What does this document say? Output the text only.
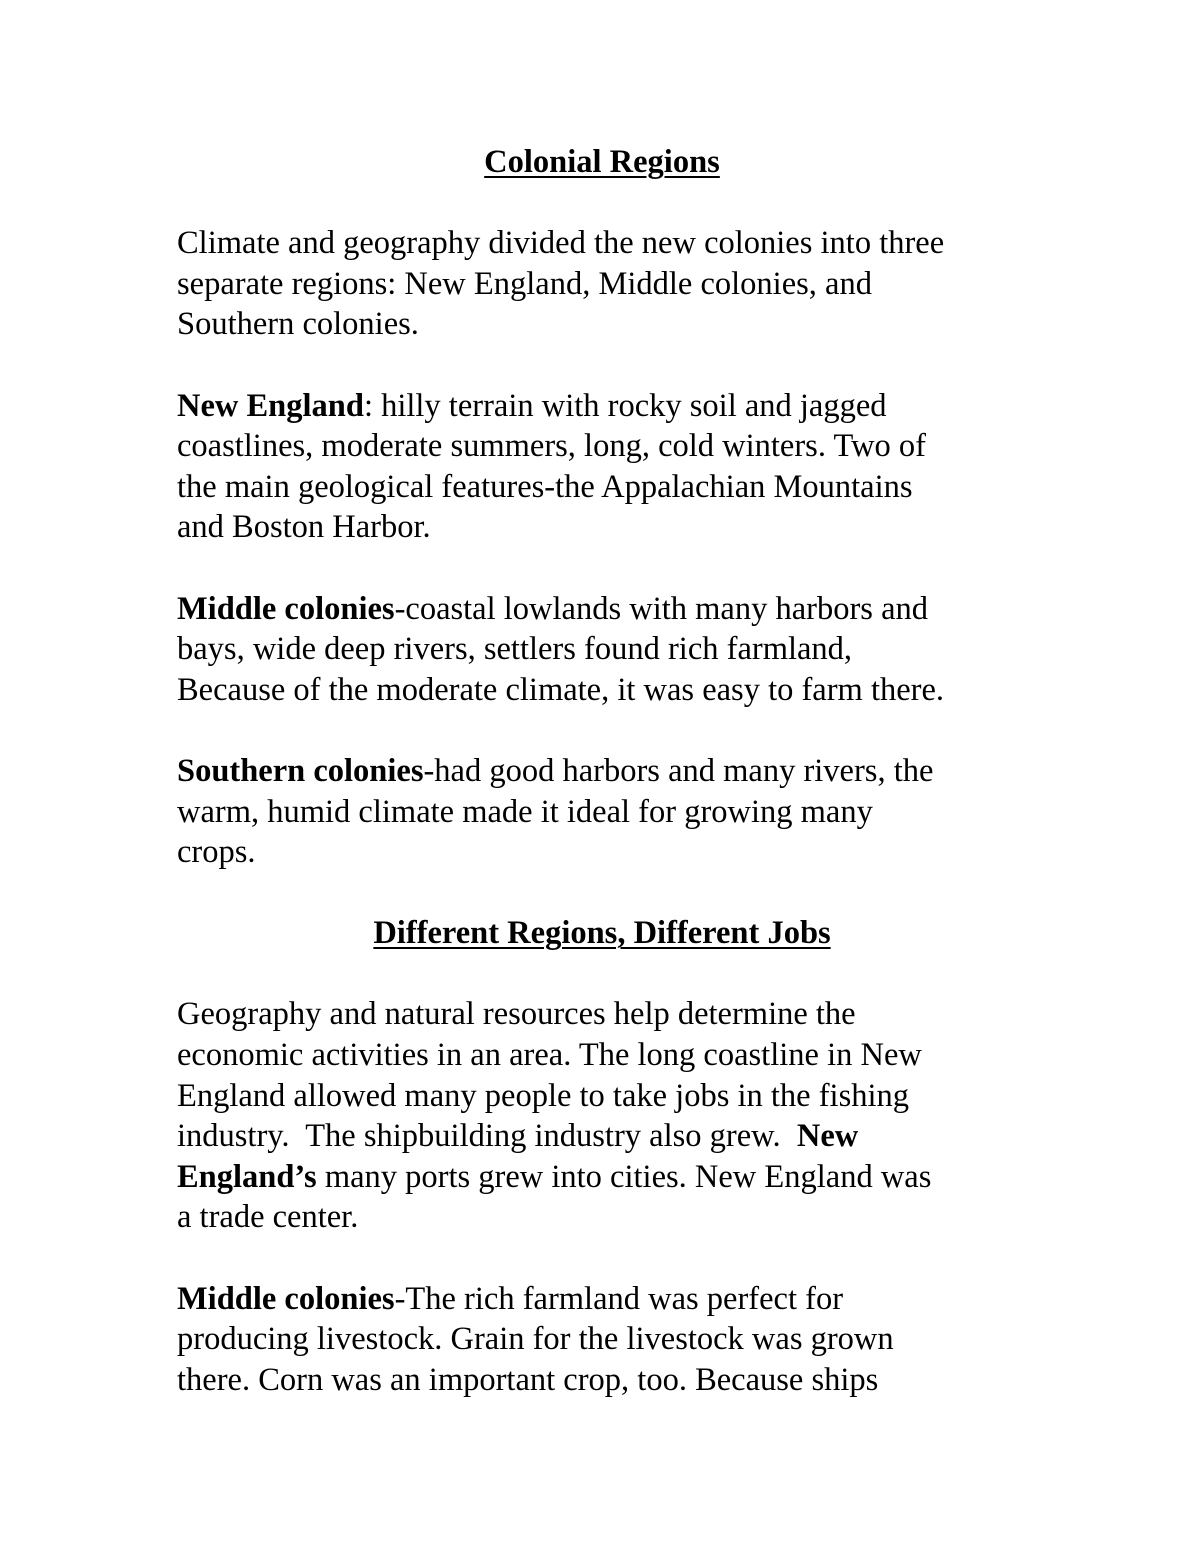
Colonial Regions
Climate and geography divided the new colonies into three
separate regions: New England, Middle colonies, and
Southern colonies.
New England: hilly terrain with rocky soil and jagged
coastlines, moderate summers, long, cold winters. Two of
the main geological features-the Appalachian Mountains
and Boston Harbor.
Middle colonies-coastal lowlands with many harbors and
bays, wide deep rivers, settlers found rich farmland,
Because of the moderate climate, it was easy to farm there.
Southern colonies-had good harbors and many rivers, the
warm, humid climate made it ideal for growing many
crops.
Different Regions, Different Jobs
Geography and natural resources help determine the
economic activities in an area. The long coastline in New
England allowed many people to take jobs in the fishing
industry.  The shipbuilding industry also grew.  New
England’s many ports grew into cities. New England was
a trade center.
Middle colonies-The rich farmland was perfect for
producing livestock. Grain for the livestock was grown
there. Corn was an important crop, too. Because ships
